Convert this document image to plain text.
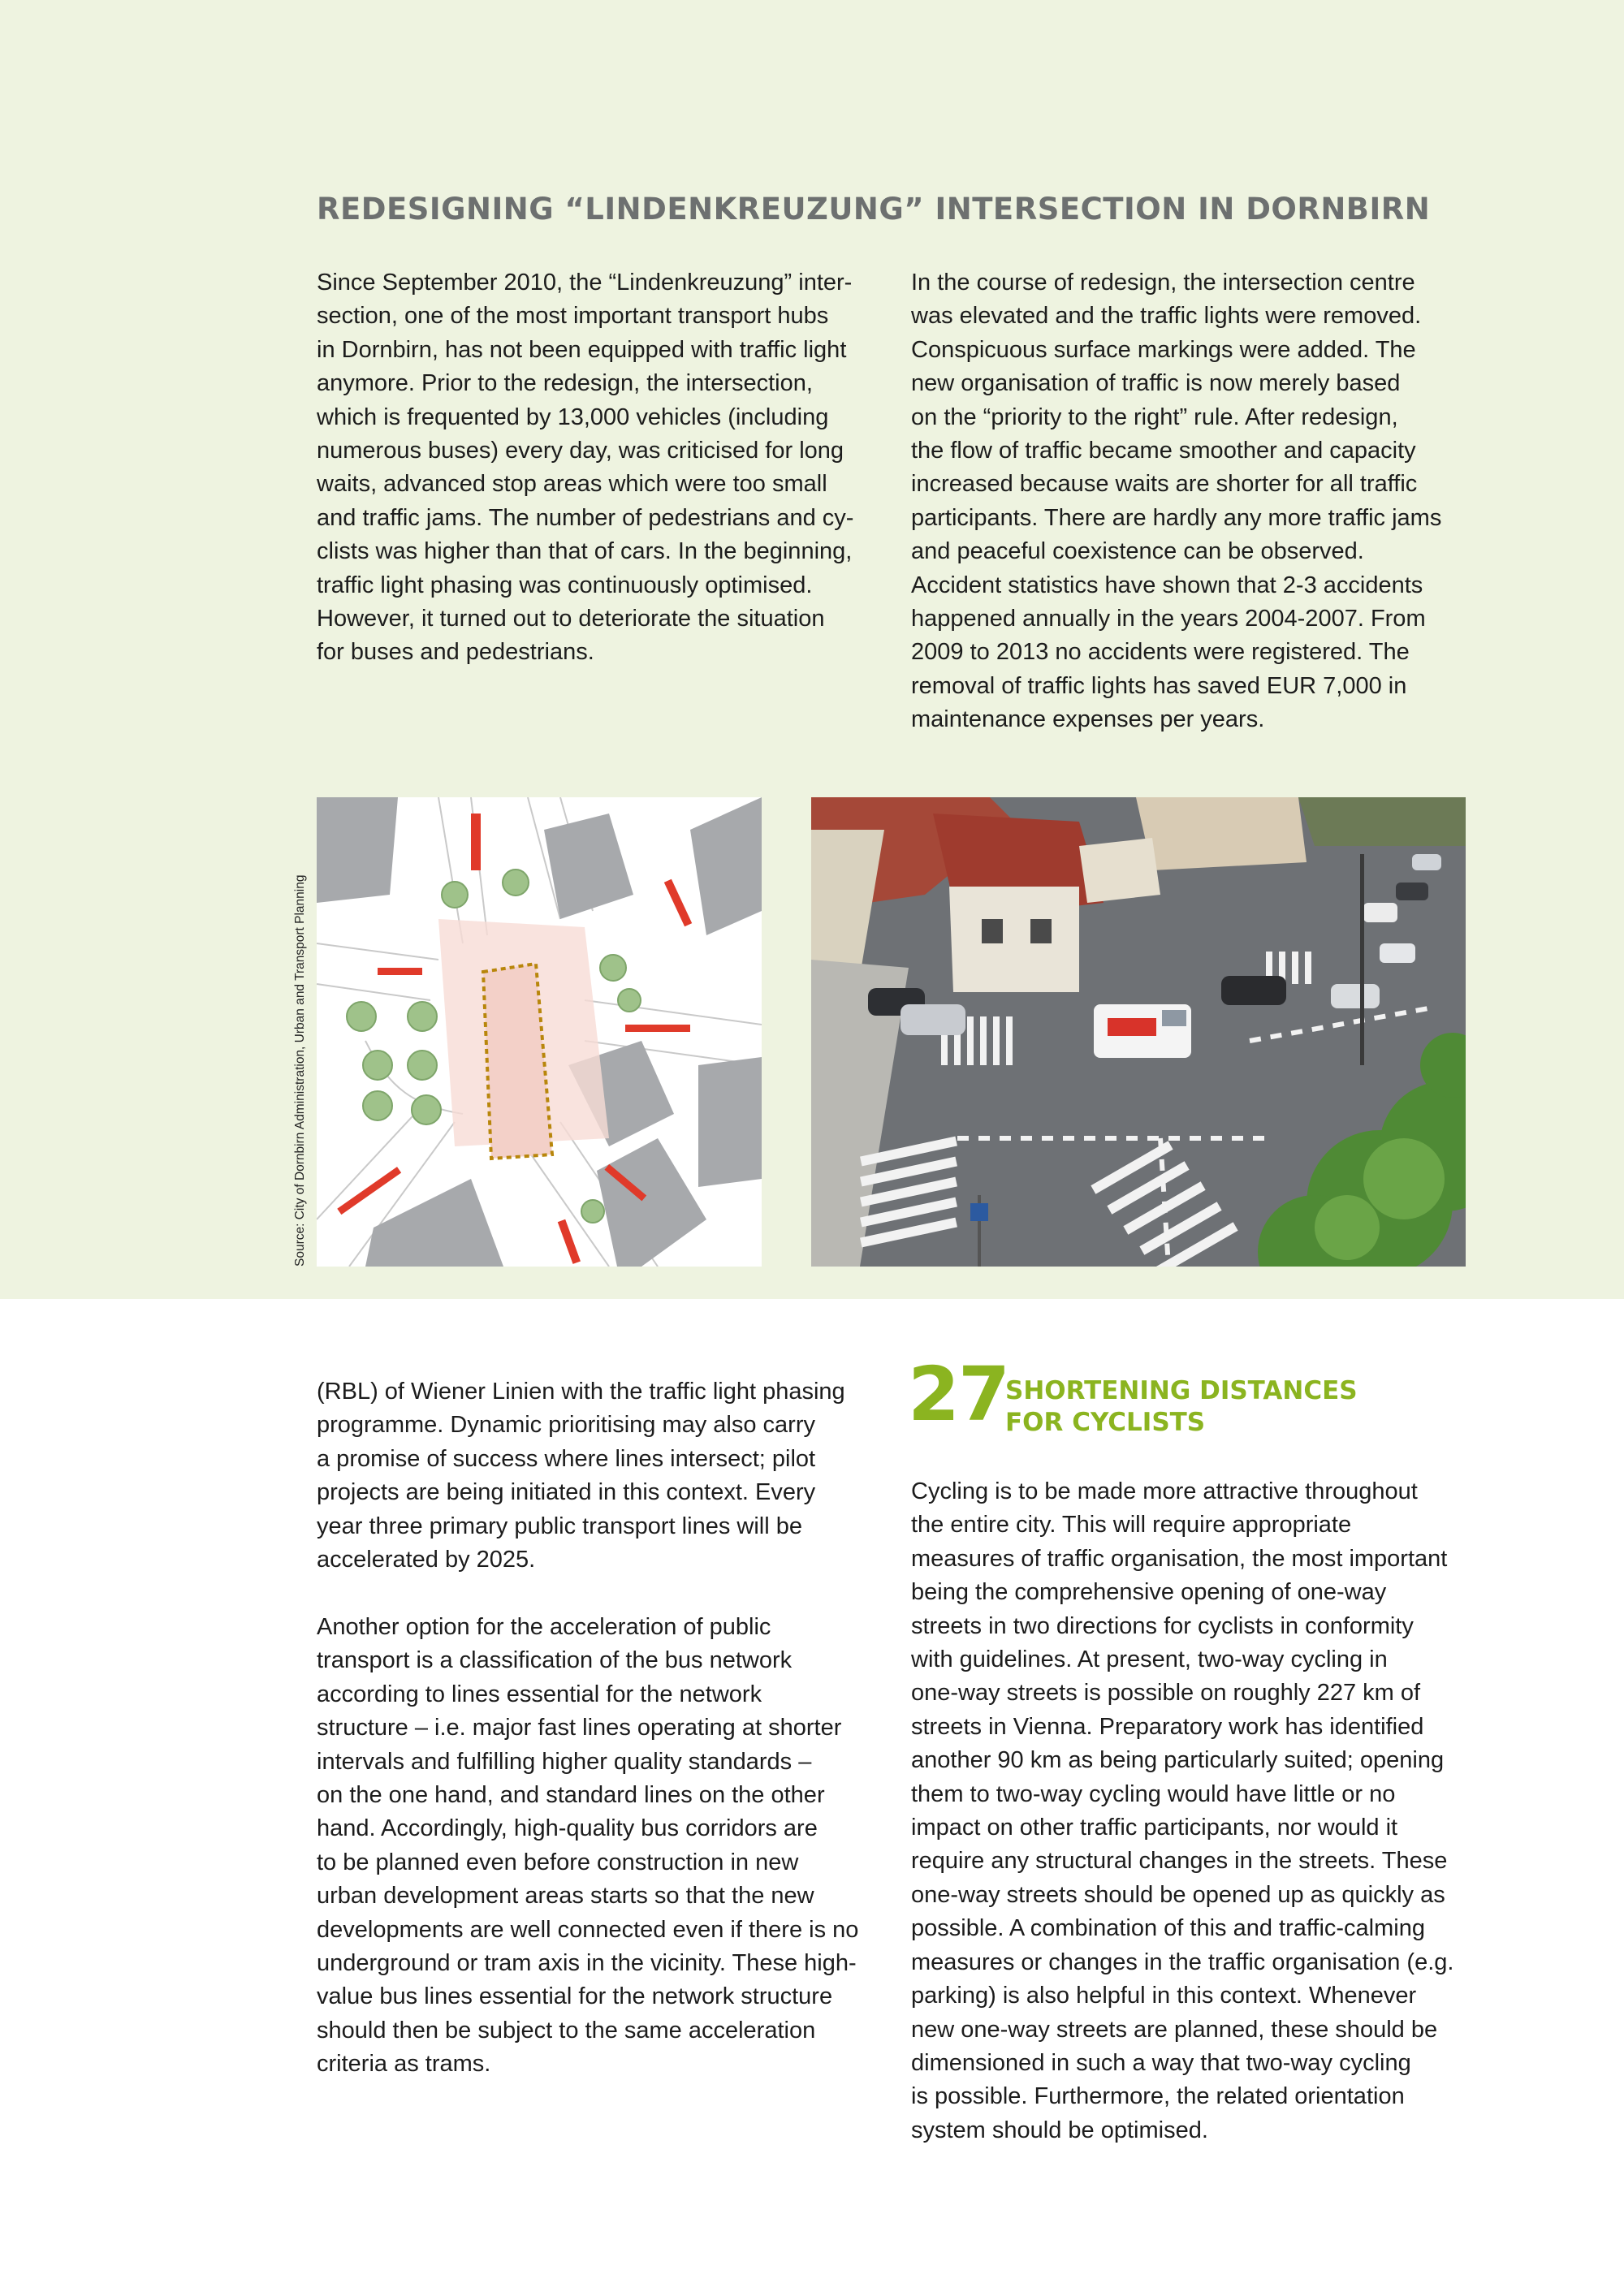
REDESIGNING “LINDENKREUZUNG” INTERSECTION IN DORNBIRN

Since September 2010, the “Lindenkreuzung” inter-
section, one of the most important transport hubs
in Dornbirn, has not been equipped with traffic light
anymore. Prior to the redesign, the intersection,
which is frequented by 13,000 vehicles (including
numerous buses) every day, was criticised for long
waits, advanced stop areas which were too small
and traffic jams. The number of pedestrians and cy-
clists was higher than that of cars. In the beginning,
traffic light phasing was continuously optimised.
However, it turned out to deteriorate the situation
for buses and pedestrians.

In the course of redesign, the intersection centre
was elevated and the traffic lights were removed.
Conspicuous surface markings were added. The
new organisation of traffic is now merely based
on the “priority to the right” rule. After redesign,
the flow of traffic became smoother and capacity
increased because waits are shorter for all traffic
participants. There are hardly any more traffic jams
and peaceful coexistence can be observed.
Accident statistics have shown that 2-3 accidents
happened annually in the years 2004-2007. From
2009 to 2013 no accidents were registered. The
removal of traffic lights has saved EUR 7,000 in
maintenance expenses per years.

Source: City of Dornbirn Administration, Urban and Transport Planning

(RBL) of Wiener Linien with the traffic light phasing
programme. Dynamic prioritising may also carry
a promise of success where lines intersect; pilot
projects are being initiated in this context. Every
year three primary public transport lines will be
accelerated by 2025.

Another option for the acceleration of public
transport is a classification of the bus network
according to lines essential for the network
structure – i.e. major fast lines operating at shorter
intervals and fulfilling higher quality standards –
on the one hand, and standard lines on the other
hand. Accordingly, high-quality bus corridors are
to be planned even before construction in new
urban development areas starts so that the new
developments are well connected even if there is no
underground or tram axis in the vicinity. These high-
value bus lines essential for the network structure
should then be subject to the same acceleration
criteria as trams.

27
SHORTENING DISTANCES
FOR CYCLISTS

Cycling is to be made more attractive throughout
the entire city. This will require appropriate
measures of traffic organisation, the most important
being the comprehensive opening of one-way
streets in two directions for cyclists in conformity
with guidelines. At present, two-way cycling in
one-way streets is possible on roughly 227 km of
streets in Vienna. Preparatory work has identified
another 90 km as being particularly suited; opening
them to two-way cycling would have little or no
impact on other traffic participants, nor would it
require any structural changes in the streets. These
one-way streets should be opened up as quickly as
possible. A combination of this and traffic-calming
measures or changes in the traffic organisation (e.g.
parking) is also helpful in this context. Whenever
new one-way streets are planned, these should be
dimensioned in such a way that two-way cycling
is possible. Furthermore, the related orientation
system should be optimised.
